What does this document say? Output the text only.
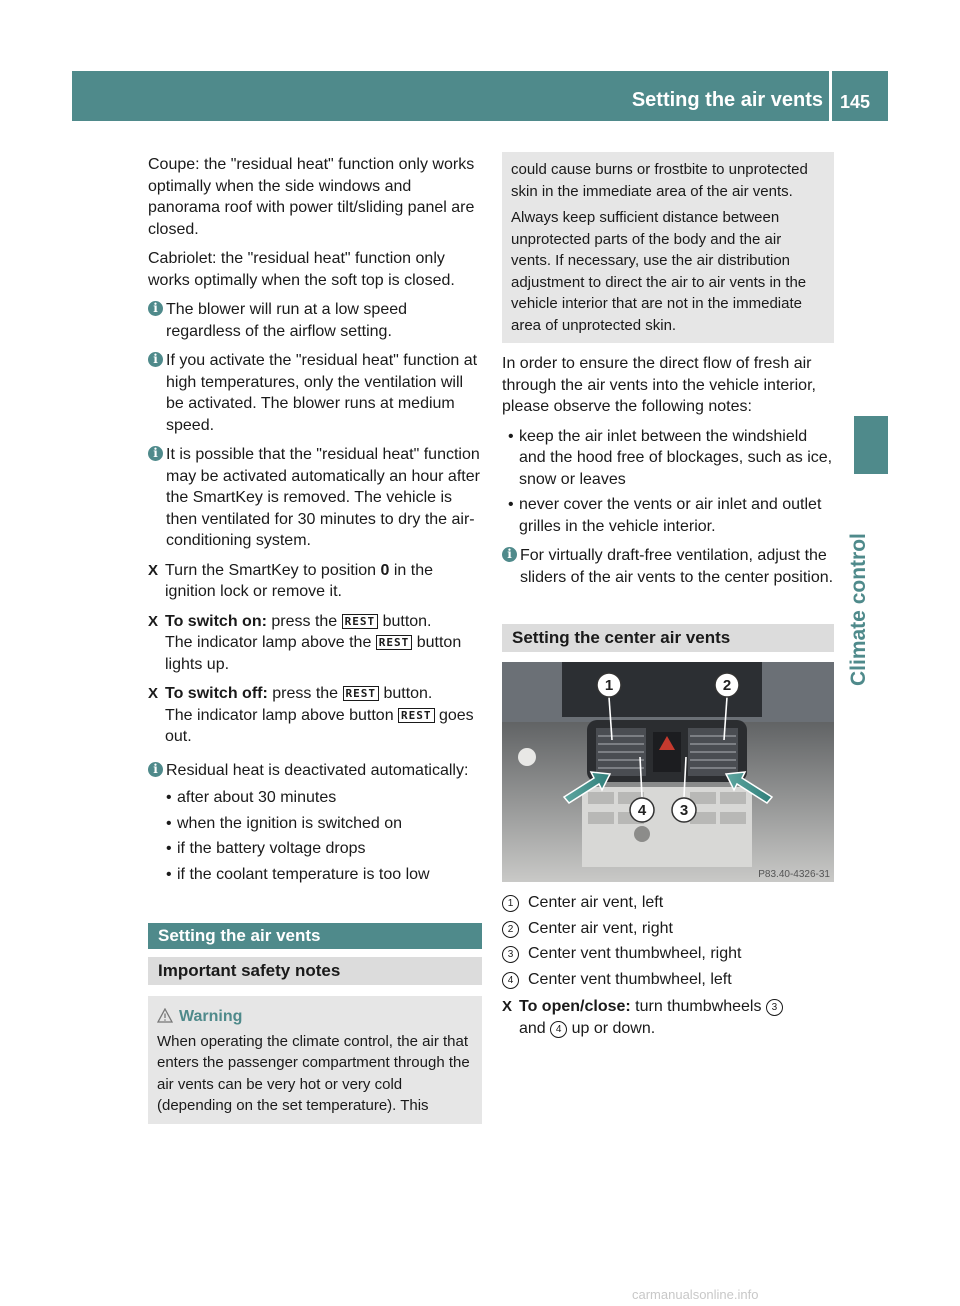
Setting the air vents 145
Climate control

Coupe: the "residual heat" function only works optimally when the side windows and panorama roof with power tilt/sliding panel are closed.

Cabriolet: the "residual heat" function only works optimally when the soft top is closed.

i The blower will run at a low speed regardless of the airflow setting.
i If you activate the "residual heat" function at high temperatures, only the ventilation will be activated. The blower runs at medium speed.
i It is possible that the "residual heat" function may be activated automatically an hour after the SmartKey is removed. The vehicle is then ventilated for 30 minutes to dry the air-conditioning system.
X Turn the SmartKey to position 0 in the ignition lock or remove it.
X To switch on: press the REST button.
The indicator lamp above the REST button lights up.
X To switch off: press the REST button.
The indicator lamp above button REST goes out.
i Residual heat is deactivated automatically:
• after about 30 minutes
• when the ignition is switched on
• if the battery voltage drops
• if the coolant temperature is too low
Setting the air vents
Important safety notes
Warning

When operating the climate control, the air that enters the passenger compartment through the air vents can be very hot or very cold (depending on the set temperature). This

could cause burns or frostbite to unprotected skin in the immediate area of the air vents.

Always keep sufficient distance between unprotected parts of the body and the air vents. If necessary, use the air distribution adjustment to direct the air to air vents in the vehicle interior that are not in the immediate area of unprotected skin.

In order to ensure the direct flow of fresh air through the air vents into the vehicle interior, please observe the following notes:

• keep the air inlet between the windshield and the hood free of blockages, such as ice, snow or leaves
• never cover the vents or air inlet and outlet grilles in the vehicle interior.
i For virtually draft-free ventilation, adjust the sliders of the air vents to the center position.
Setting the center air vents
1	2
3
4
P83.40-4326-31
1 Center air vent, left
2 Center air vent, right
3 Center vent thumbwheel, right
4 Center vent thumbwheel, left
X To open/close: turn thumbwheels 3
and 4 up or down.
carmanualsonline.info
